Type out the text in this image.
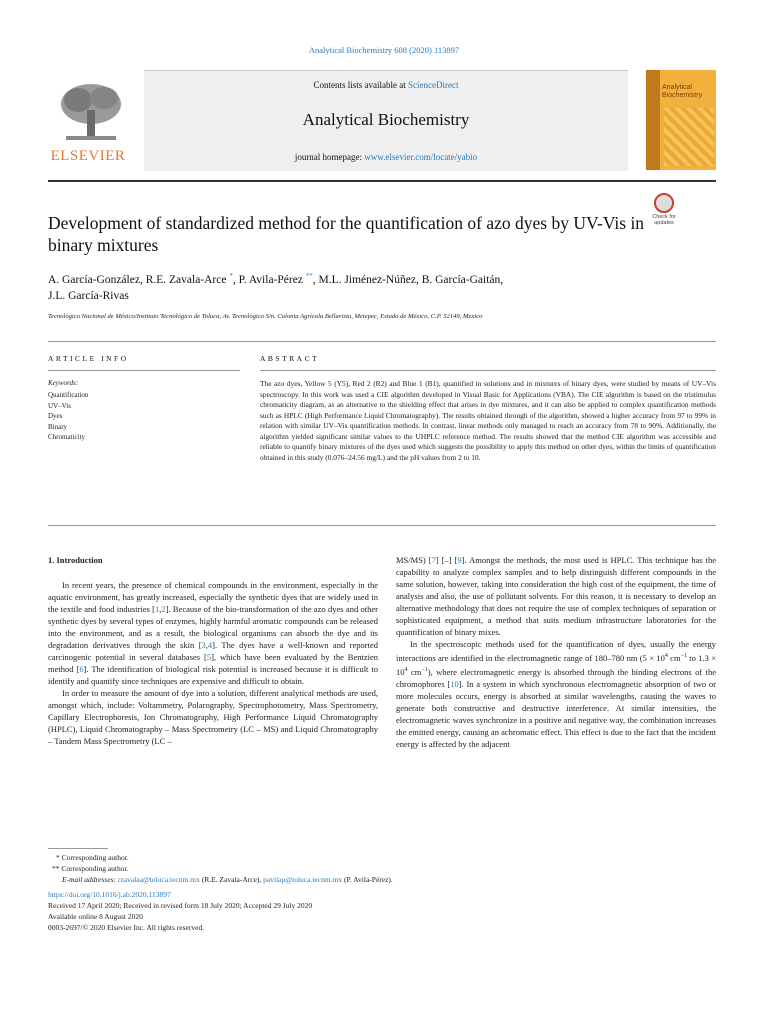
Analytical Biochemistry 608 (2020) 113897
ELSEVIER
Contents lists available at ScienceDirect
Analytical Biochemistry
journal homepage: www.elsevier.com/locate/yabio
Analytical Biochemistry
Development of standardized method for the quantification of azo dyes by UV-Vis in binary mixtures
Check for updates
A. García-González, R.E. Zavala-Arce *, P. Avila-Pérez **, M.L. Jiménez-Núñez, B. García-Gaitán,
J.L. García-Rivas
Tecnológico Nacional de México/Instituto Tecnológico de Toluca, Av. Tecnológico S/n. Colonia Agrícola Bellavista, Metepec, Estado de México, C.P. 52149, Mexico
ARTICLE INFO	ABSTRACT
Keywords:
Quantification
UV–Vis
Dyes
Binary
Chromaticity
The azo dyes, Yellow 5 (Y5), Red 2 (R2) and Blue 1 (B1), quantified in solutions and in mixtures of binary dyes, were studied by means of UV–Vis spectroscopy. In this work was used a CIE algorithm developed in Visual Basic for Applications (VBA). The CIE algorithm is based on the tristimulus chromaticity diagram, as an alternative to the shielding effect that arises in dye mixtures, and it can also be applied to complex quantification methods such as HPLC (High Performance Liquid Chromatography). The results obtained through of the algorithm, showed a higher accuracy from 97 to 99% in relation with similar UV–Vis quantification methods. In contrast, linear methods only managed to reach an accuracy from 78 to 90%. Additionally, the algorithm yielded significant similar values to the UHPLC reference method. The results showed that the method CIE algorithm was accessible and reliable to quantify binary mixtures of the dyes used which suggests the possibility to apply this method on other dyes, within the limits of quantification obtained in this study (0.076–24.56 mg/L) and the pH values from 2 to 10.

1. Introduction

In recent years, the presence of chemical compounds in the environment, especially in the aquatic environment, has greatly increased, especially the synthetic dyes that are widely used in the textile and food industries [1,2]. Because of the bio-transformation of the azo dyes and other synthetic dyes by several types of enzymes, highly harmful aromatic compounds can be released into the environment, and as a result, the biological organisms can absorb the dye and its degradation derivatives through the skin [3,4]. The dyes have a well-known and reported carcinogenic potential in several databases [5], which have been evaluated by the Bentzien method [6]. The identification of biological risk potential is increased because it is difficult to identify and quantify since techniques are expensive and difficult to obtain.

In order to measure the amount of dye into a solution, different analytical methods are used, amongst which, include: Voltammetry, Polarography, Spectrophotometry, Mass Spectrometry, Capillary Electrophoresis, Ion Chromatography, High Performance Liquid Chromatography (HPLC), Liquid Chromatography – Mass Spectrometry (LC – MS) and Liquid Chromatography – Tandem Mass Spectrometry (LC –

MS/MS) [7] [–] [9]. Amongst the methods, the most used is HPLC. This technique has the capability to analyze complex samples and to help distinguish different compounds in the same solution, however, taking into consideration the high cost of the equipment, the time of analysis and also, the use of pollutant solvents. For this reason, it is necessary to develop an alternative methodology that does not require the use of complex techniques of separation or sophisticated equipment, a method that suits medium infrastructure laboratories for the quantification of binary mixes.

In the spectroscopic methods used for the quantification of dyes, usually the energy interactions are identified in the electromagnetic range of 180–780 nm ($5 \times 10^4$ $cm^{-1}$ to $1.3 \times 10^4$ $cm^{-1}$), where electromagnetic energy is absorbed through the binding electrons of the chromophores [10]. In a system in which synchronous electromagnetic absorption of two or more molecules occurs, energy is absorbed at similar wavelengths, causing the waves to generate both constructive and destructive interference. At similar intensities, the electromagnetic waves synchronize in a positive and negative way, the combination increases the emitted energy, causing an achromatic effect. This effect is due to the fact that the incident energy is affected by the adjacent

* Corresponding author.
** Corresponding author.
E-mail addresses: rzavalaa@toluca.tecnm.mx (R.E. Zavala-Arce), pavilap@toluca.tecnm.mx (P. Avila-Pérez).
https://doi.org/10.1016/j.ab.2020.113897
Received 17 April 2020; Received in revised form 18 July 2020; Accepted 29 July 2020
Available online 8 August 2020
0003-2697/© 2020 Elsevier Inc. All rights reserved.
